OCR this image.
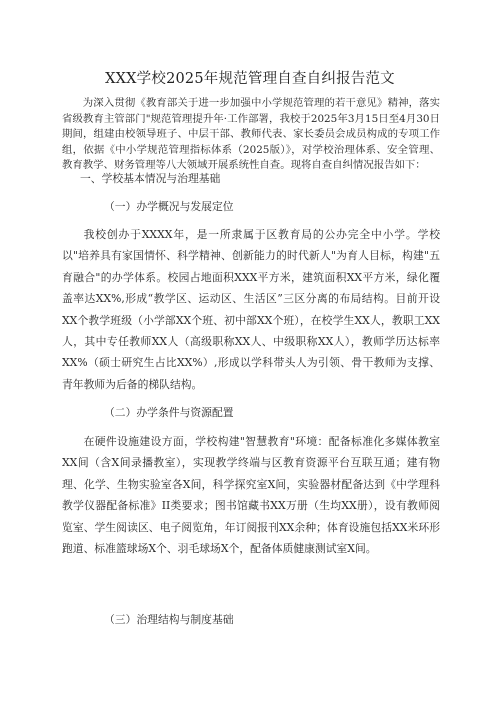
XXX学校2025年规范管理自查自纠报告范文
为深入贯彻《教育部关于进一步加强中小学规范管理的若干意见》精神，落实省级教育主管部门"规范管理提升年·工作部署，我校于2025年3月15日至4月30日期间，组建由校领导班子、中层干部、教师代表、家长委员会成员构成的专项工作组，依据《中小学规范管理指标体系（2025版）》，对学校治理体系、安全管理、教育教学、财务管理等八大领域开展系统性自查。现将自查自纠情况报告如下：
一、学校基本情况与治理基础
（一）办学概况与发展定位
我校创办于XXXX年，是一所隶属于区教育局的公办完全中小学。学校以"培养具有家国情怀、科学精神、创新能力的时代新人"为育人目标，构建"五育融合"的办学体系。校园占地面积XXX平方米，建筑面积XX平方米，绿化覆盖率达XX%,形成“教学区、运动区、生活区”三区分离的布局结构。目前开设XX个教学班级（小学部XX个班、初中部XX个班），在校学生XX人，教职工XX人，其中专任教师XX人（高级职称XX人、中级职称XX人），教师学历达标率XX%（硕士研究生占比XX%）,形成以学科带头人为引领、骨干教师为支撑、青年教师为后备的梯队结构。
（二）办学条件与资源配置
在硬件设施建设方面，学校构建"智慧教育"环境：配备标准化多媒体教室XX间（含X间录播教室），实现教学终端与区教育资源平台互联互通；建有物理、化学、生物实验室各X间，科学探究室X间，实验器材配备达到《中学理科教学仪器配备标准》II类要求；图书馆藏书XX万册（生均XX册），设有教师阅览室、学生阅读区、电子阅览角，年订阅报刊XX余种；体育设施包括XX米环形跑道、标准篮球场X个、羽毛球场X个，配备体质健康测试室X间。
（三）治理结构与制度基础
